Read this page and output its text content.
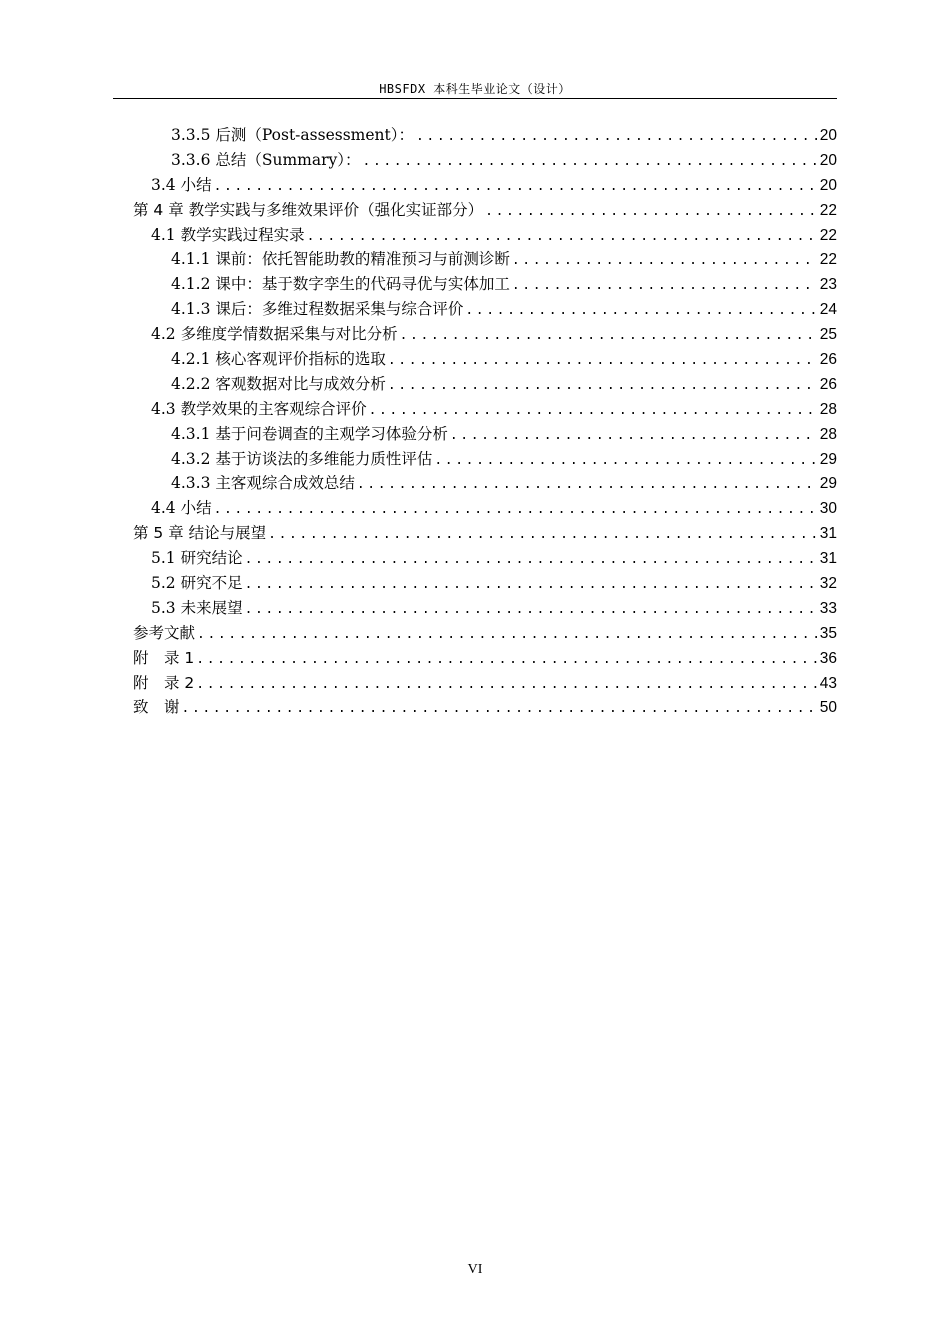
HBSFDX 本科生毕业论文（设计）
3.3.5 后测（Post-assessment）： .....	20
3.3.6 总结（Summary）： .....	20
3.4 小结 .....	20
第 4 章 教学实践与多维效果评价（强化实证部分） .....	22
4.1 教学实践过程实录 .....	22
4.1.1 课前：依托智能助教的精准预习与前测诊断 .....	22
4.1.2 课中：基于数字孪生的代码寻优与实体加工 .....	23
4.1.3 课后：多维过程数据采集与综合评价 .....	24
4.2 多维度学情数据采集与对比分析 .....	25
4.2.1 核心客观评价指标的选取 .....	26
4.2.2 客观数据对比与成效分析 .....	26
4.3 教学效果的主客观综合评价 .....	28
4.3.1 基于问卷调查的主观学习体验分析 .....	28
4.3.2 基于访谈法的多维能力质性评估 .....	29
4.3.3 主客观综合成效总结 .....	29
4.4 小结 .....	30
第 5 章 结论与展望 .....	31
5.1 研究结论 .....	31
5.2 研究不足 .....	32
5.3 未来展望 .....	33
参考文献 .....	35
附　录 1 .....	36
附　录 2 .....	43
致　谢 .....	50
VI
